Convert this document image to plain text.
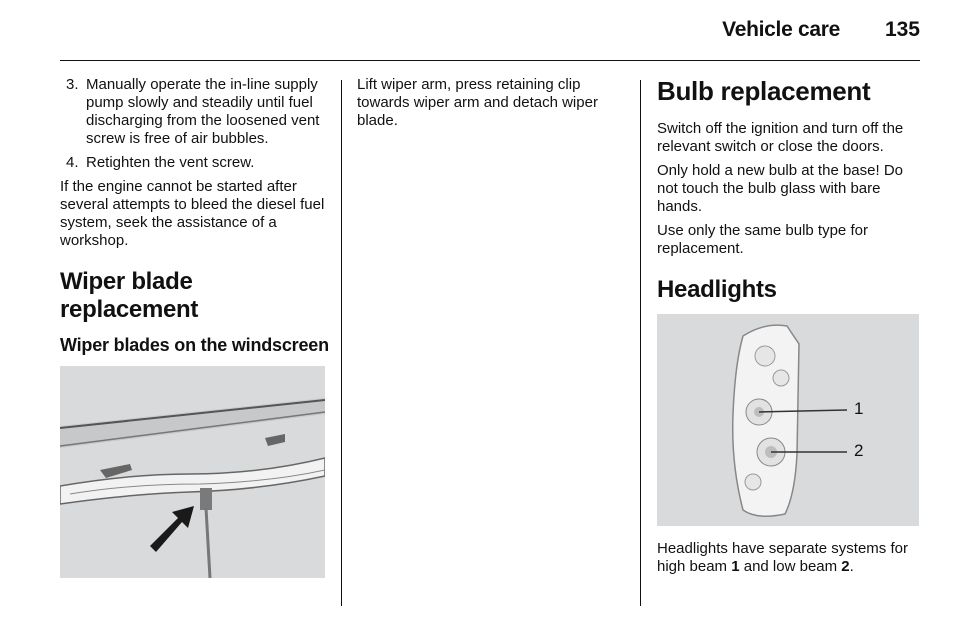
Vehicle care 135
3. Manually operate the in-line supply pump slowly and steadily until fuel discharging from the loosened vent screw is free of air bubbles.
4. Retighten the vent screw.

If the engine cannot be started after several attempts to bleed the diesel fuel system, seek the assistance of a workshop.

Wiper blade replacement
Wiper blades on the windscreen

Lift wiper arm, press retaining clip towards wiper arm and detach wiper blade.

Bulb replacement

Switch off the ignition and turn off the relevant switch or close the doors.

Only hold a new bulb at the base! Do not touch the bulb glass with bare hands.

Use only the same bulb type for replacement.

Headlights
1
2

Headlights have separate systems for high beam 1 and low beam 2.
